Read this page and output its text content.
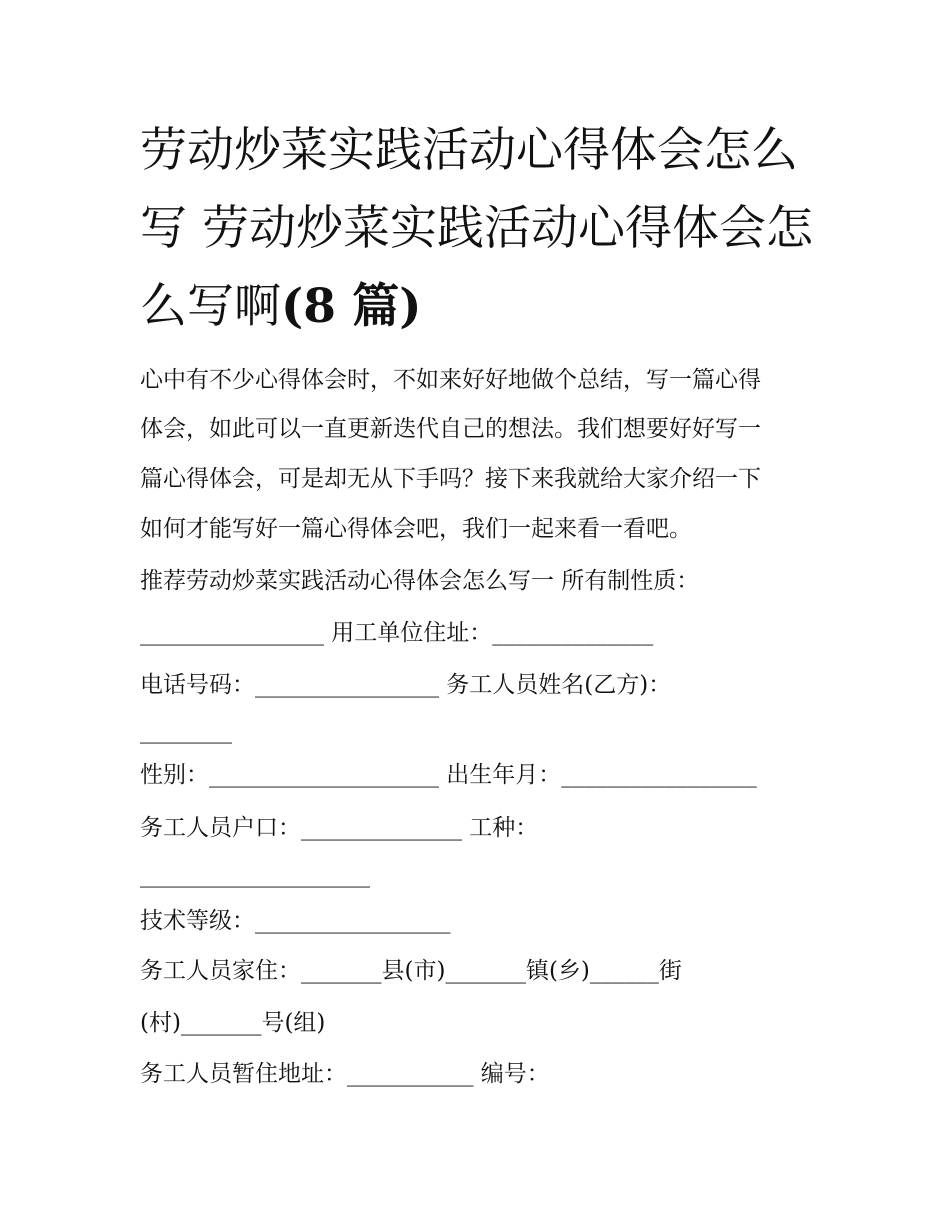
劳动炒菜实践活动心得体会怎么写 劳动炒菜实践活动心得体会怎么写啊(8 篇)

心中有不少心得体会时，不如来好好地做个总结，写一篇心得

体会，如此可以一直更新迭代自己的想法。我们想要好好写一

篇心得体会，可是却无从下手吗？接下来我就给大家介绍一下

如何才能写好一篇心得体会吧，我们一起来看一看吧。

推荐劳动炒菜实践活动心得体会怎么写一 所有制性质：

________________ 用工单位住址：______________

电话号码：________________ 务工人员姓名(乙方)：

________

性别：____________________ 出生年月：_________________

务工人员户口：______________ 工种：

____________________

技术等级：_________________

务工人员家住：_______县(市)_______镇(乡)______街

(村)_______号(组)

务工人员暂住地址：___________ 编号：
